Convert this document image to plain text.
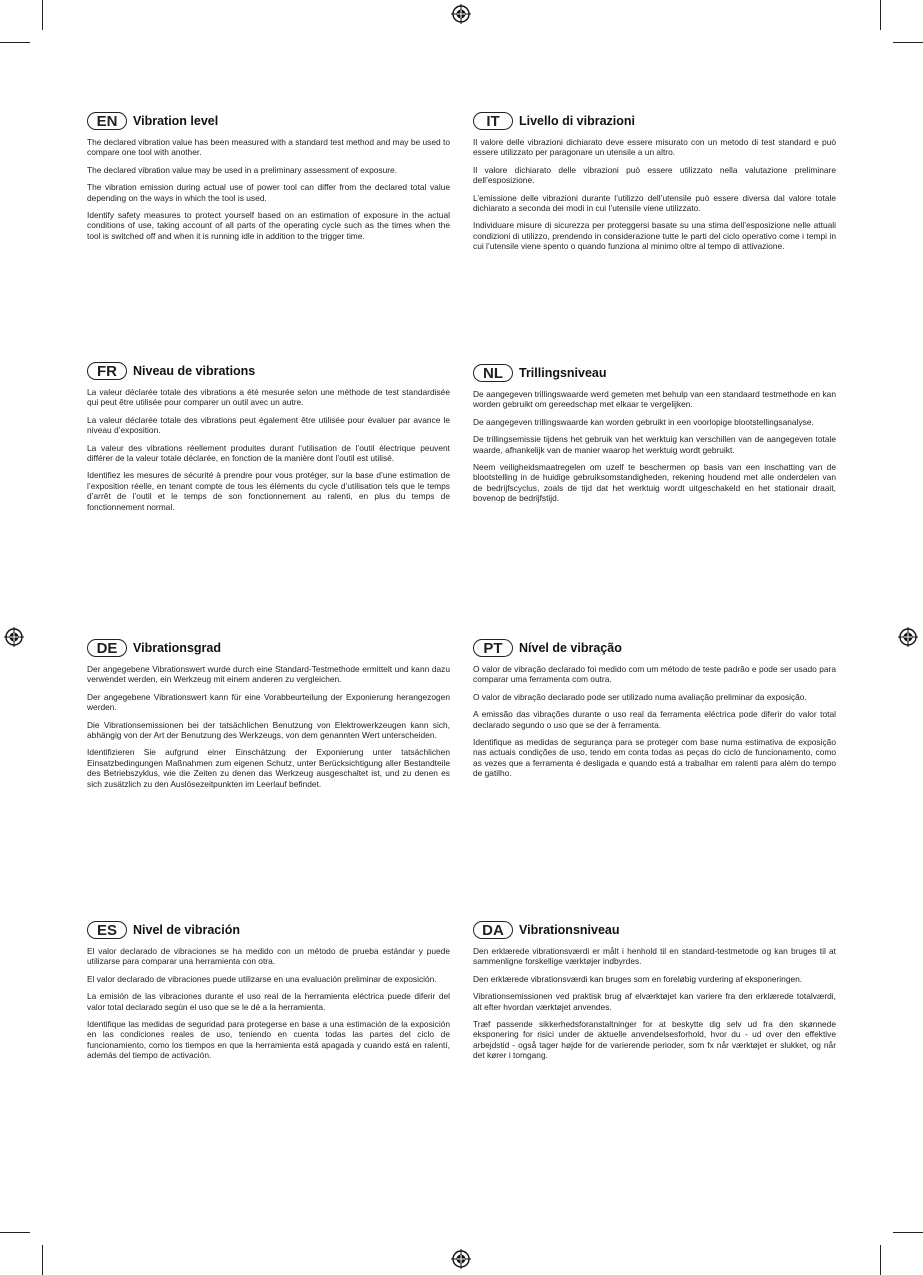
EN	Vibration level

The declared vibration value has been measured with a standard test method and may be used to compare one tool with another.

The declared vibration value may be used in a preliminary assessment of exposure.

The vibration emission during actual use of power tool can differ from the declared total value depending on the ways in which the tool is used.

Identify safety measures to protect yourself based on an estimation of exposure in the actual conditions of use, taking account of all parts of the operating cycle such as the times when the tool is switched off and when it is running idle in addition to the trigger time.

IT	Livello di vibrazioni

Il valore delle vibrazioni dichiarato deve essere misurato con un metodo di test standard e può essere utilizzato per paragonare un utensile a un altro.

Il valore dichiarato delle vibrazioni può essere utilizzato nella valutazione preliminare dell’esposizione.

L’emissione delle vibrazioni durante l’utilizzo dell’utensile può essere diversa dal valore totale dichiarato a seconda dei modi in cui l’utensile viene utilizzato.

Individuare misure di sicurezza per proteggersi basate su una stima dell’esposizione nelle attuali condizioni di utilizzo, prendendo in considerazione tutte le parti del ciclo operativo come i tempi in cui l’utensile viene spento o quando funziona al minimo oltre al tempo di attivazione.

FR	Niveau de vibrations

La valeur déclarée totale des vibrations a été mesurée selon une méthode de test standardisée qui peut être utilisée pour comparer un outil avec un autre.

La valeur déclarée totale des vibrations peut également être utilisée pour évaluer par avance le niveau d’exposition.

La valeur des vibrations réellement produites durant l’utilisation de l’outil électrique peuvent différer de la valeur totale déclarée, en fonction de la manière dont l’outil est utilisé.

Identifiez les mesures de sécurité à prendre pour vous protéger, sur la base d’une estimation de l’exposition réelle, en tenant compte de tous les éléments du cycle d’utilisation tels que le temps d’arrêt de l’outil et le temps de son fonctionnement au ralenti, en plus du temps de fonctionnement normal.

NL	Trillingsniveau

De aangegeven trillingswaarde werd gemeten met behulp van een standaard testmethode en kan worden gebruikt om gereedschap met elkaar te vergelijken.

De aangegeven trillingswaarde kan worden gebruikt in een voorlopige blootstellingsanalyse.

De trillingsemissie tijdens het gebruik van het werktuig kan verschillen van de aangegeven totale waarde, afhankelijk van de manier waarop het werktuig wordt gebruikt.

Neem veiligheidsmaatregelen om uzelf te beschermen op basis van een inschatting van de blootstelling in de huidige gebruiksomstandigheden, rekening houdend met alle onderdelen van de bedrijfscyclus, zoals de tijd dat het werktuig wordt uitgeschakeld en het stationair draait, bovenop de bedrijfstijd.

DE	Vibrationsgrad

Der angegebene Vibrationswert wurde durch eine Standard-Testmethode ermittelt und kann dazu verwendet werden, ein Werkzeug mit einem anderen zu vergleichen.

Der angegebene Vibrationswert kann für eine Vorabbeurteilung der Exponierung herangezogen werden.

Die Vibrationsemissionen bei der tatsächlichen Benutzung von Elektrowerkzeugen kann sich, abhängig von der Art der Benutzung des Werkzeugs, von dem genannten Wert unterscheiden.

Identifizieren Sie aufgrund einer Einschätzung der Exponierung unter tatsächlichen Einsatzbedingungen Maßnahmen zum eigenen Schutz, unter Berücksichtigung aller Bestandteile des Betriebszyklus, wie die Zeiten zu denen das Werkzeug ausgeschaltet ist, und zu denen es sich zusätzlich zu den Auslösezeitpunkten im Leerlauf befindet.

PT	Nível de vibração

O valor de vibração declarado foi medido com um método de teste padrão e pode ser usado para comparar uma ferramenta com outra.

O valor de vibração declarado pode ser utilizado numa avaliação preliminar da exposição.

A emissão das vibrações durante o uso real da ferramenta eléctrica pode diferir do valor total declarado segundo o uso que se der à ferramenta.

Identifique as medidas de segurança para se proteger com base numa estimativa de exposição nas actuais condições de uso, tendo em conta todas as peças do ciclo de funcionamento, como as vezes que a ferramenta é desligada e quando está a trabalhar em ralenti para além do tempo de gatilho.

ES	Nivel de vibración

El valor declarado de vibraciones se ha medido con un método de prueba estándar y puede utilizarse para comparar una herramienta con otra.

El valor declarado de vibraciones puede utilizarse en una evaluación preliminar de exposición.

La emisión de las vibraciones durante el uso real de la herramienta eléctrica puede diferir del valor total declarado según el uso que se le dé a la herramienta.

Identifique las medidas de seguridad para protegerse en base a una estimación de la exposición en las condiciones reales de uso, teniendo en cuenta todas las partes del ciclo de funcionamiento, como los tiempos en que la herramienta está apagada y cuando está en ralentí, además del tiempo de activación.

DA	Vibrationsniveau

Den erklærede vibrationsværdi er målt i henhold til en standard-testmetode og kan bruges til at sammenligne forskellige værktøjer indbyrdes.

Den erklærede vibrationsværdi kan bruges som en foreløbig vurdering af eksponeringen.

Vibrationsemissionen ved praktisk brug af elværktøjet kan variere fra den erklærede totalværdi, alt efter hvordan værktøjet anvendes.

Træf passende sikkerhedsforanstaltninger for at beskytte dig selv ud fra den skønnede eksponering for risici under de aktuelle anvendelsesforhold, hvor du - ud over den effektive arbejdstid - også tager højde for de varierende perioder, som fx når værktøjet er slukket, og når det kører i tomgang.
